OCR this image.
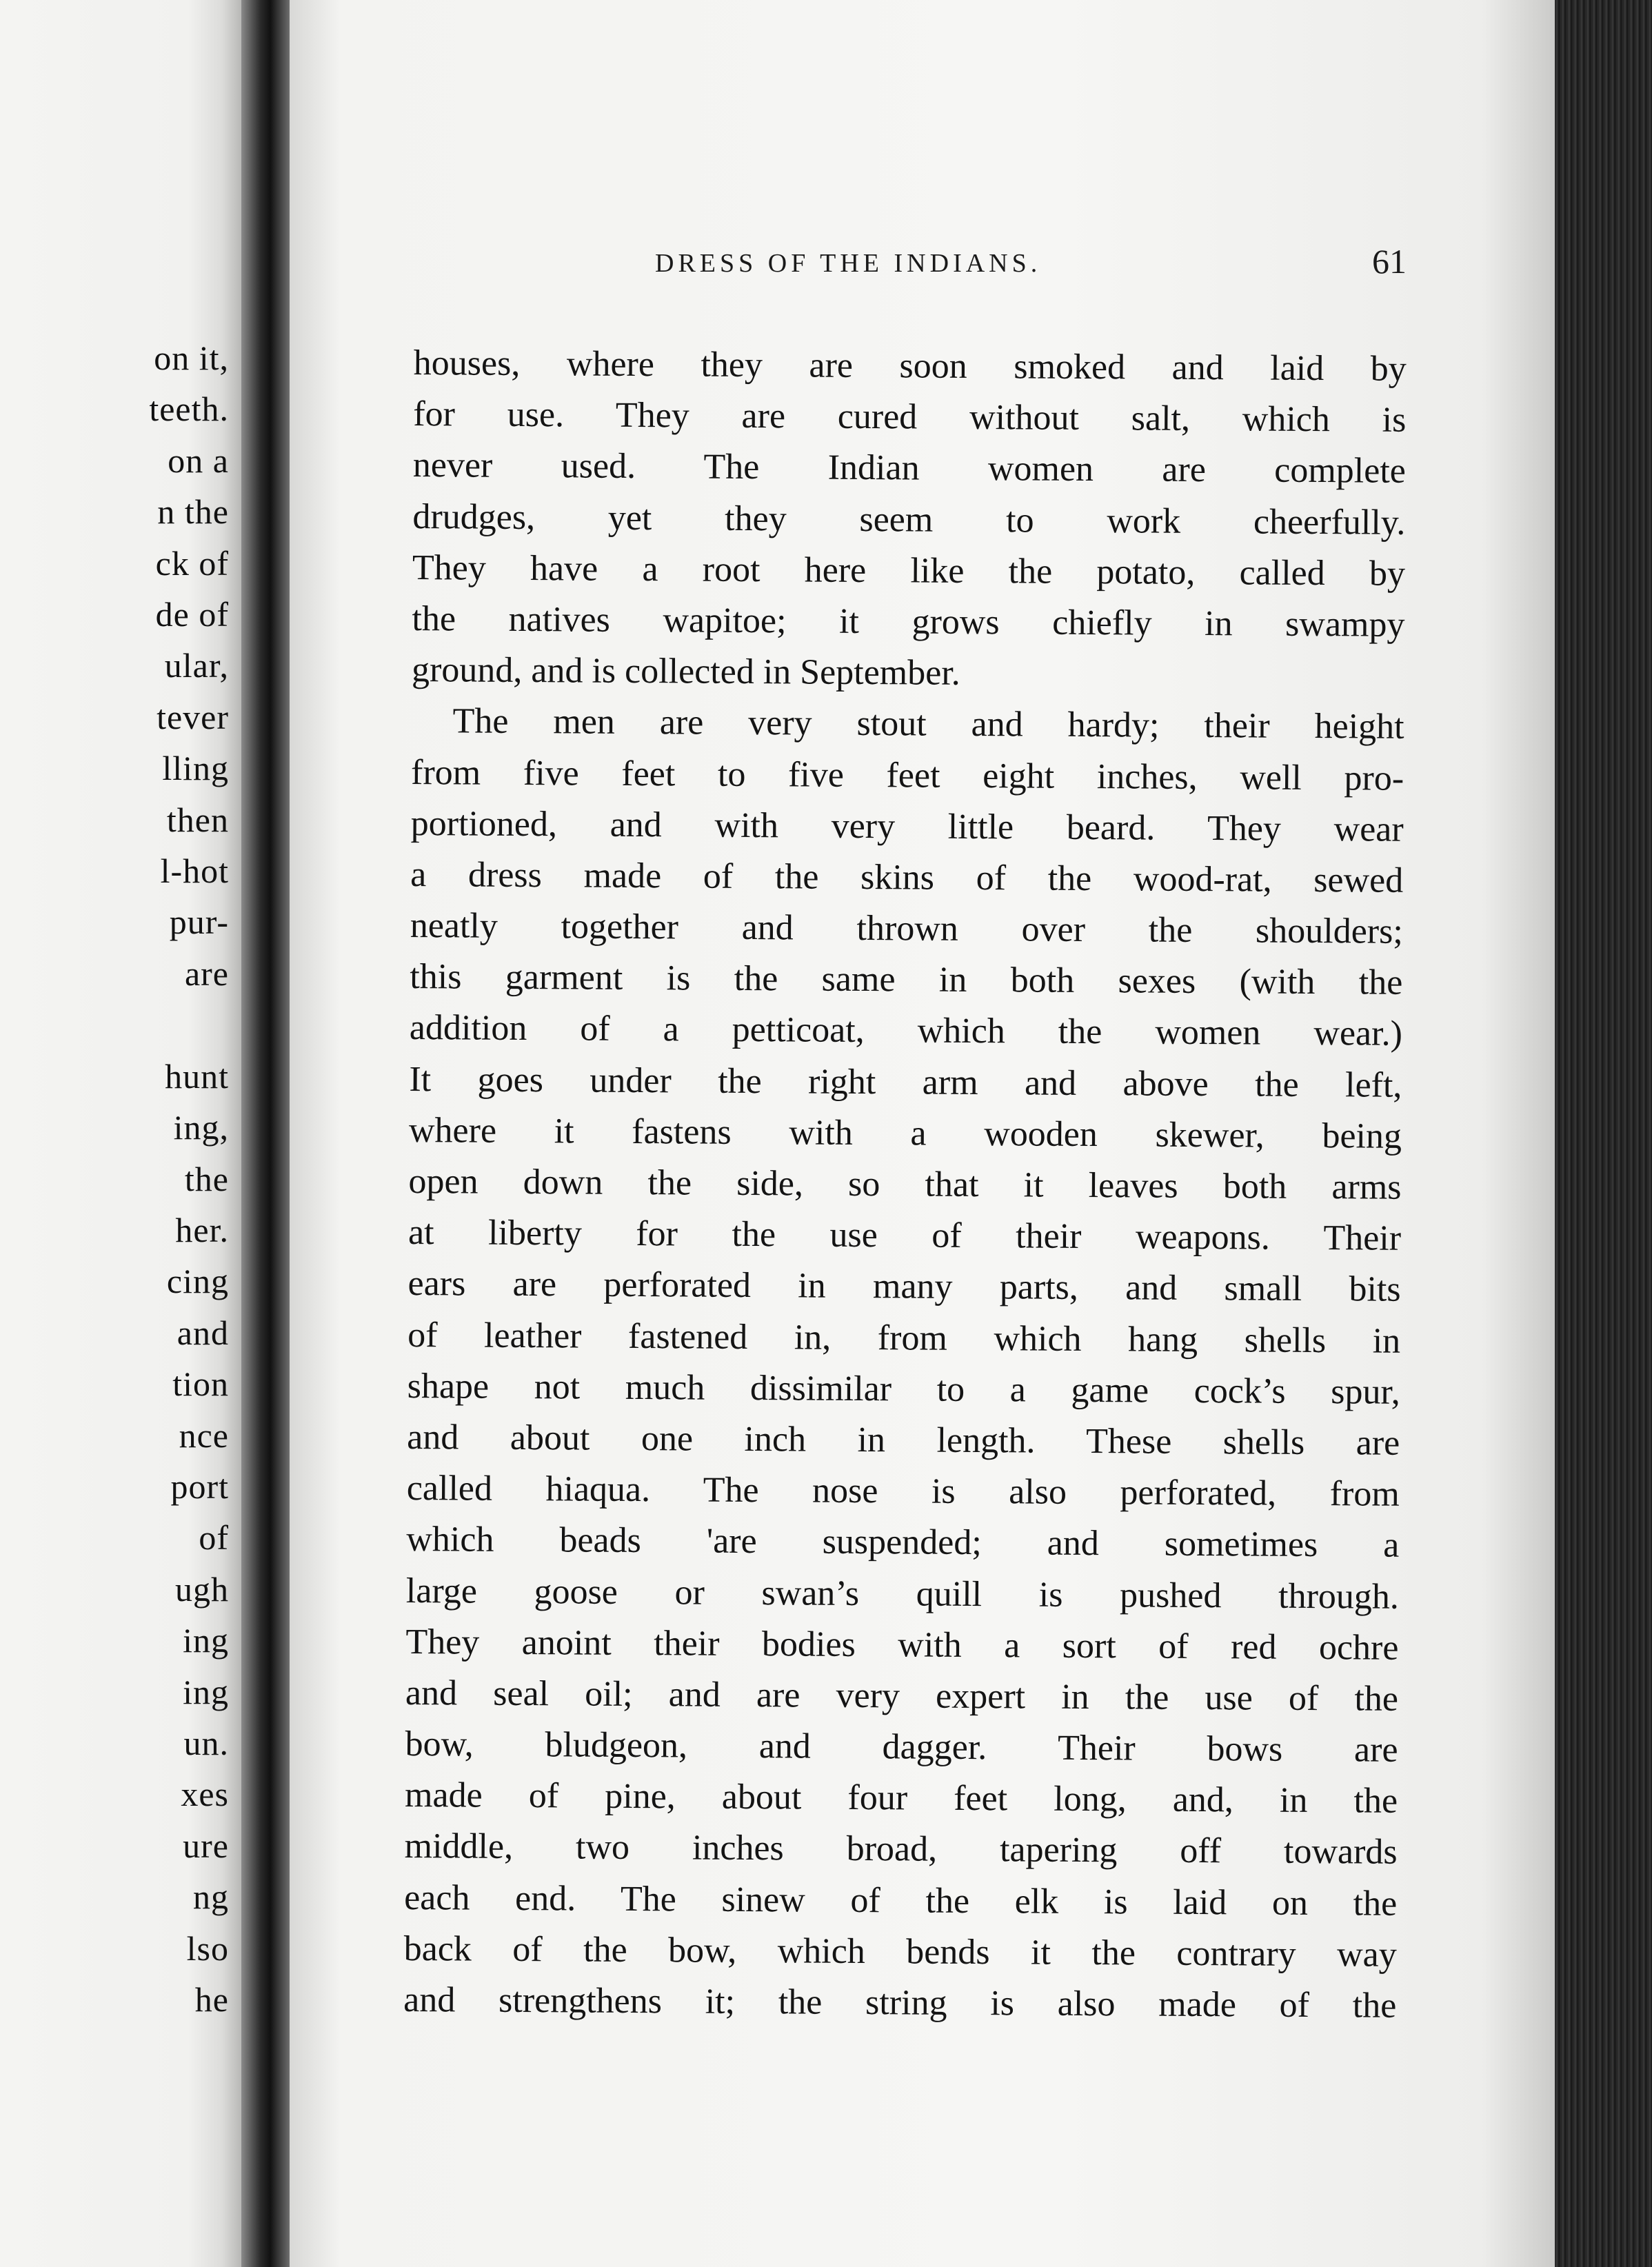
on it,
teeth.
on a
n the
ck of
de of
ular,
tever
lling
then
l-hot
pur-
are

hunt
ing,
the
her.
cing
and
tion
nce
port
of
ugh
ing
ing
un.
xes
ure
ng
lso
he
DRESS OF THE INDIANS.	61
houses, where they are soon smoked and laid by
for use. They are cured without salt, which is
never used. The Indian women are complete
drudges, yet they seem to work cheerfully.
They have a root here like the potato, called by
the natives wapitoe; it grows chiefly in swampy
ground, and is collected in September.
The men are very stout and hardy; their height
from five feet to five feet eight inches, well pro-
portioned, and with very little beard. They wear
a dress made of the skins of the wood-rat, sewed
neatly together and thrown over the shoulders;
this garment is the same in both sexes (with the
addition of a petticoat, which the women wear.)
It goes under the right arm and above the left,
where it fastens with a wooden skewer, being
open down the side, so that it leaves both arms
at liberty for the use of their weapons. Their
ears are perforated in many parts, and small bits
of leather fastened in, from which hang shells in
shape not much dissimilar to a game cock’s spur,
and about one inch in length. These shells are
called hiaqua. The nose is also perforated, from
which beads 'are suspended; and sometimes a
large goose or swan’s quill is pushed through.
They anoint their bodies with a sort of red ochre
and seal oil; and are very expert in the use of the
bow, bludgeon, and dagger. Their bows are
made of pine, about four feet long, and, in the
middle, two inches broad, tapering off towards
each end. The sinew of the elk is laid on the
back of the bow, which bends it the contrary way
and strengthens it; the string is also made of the
